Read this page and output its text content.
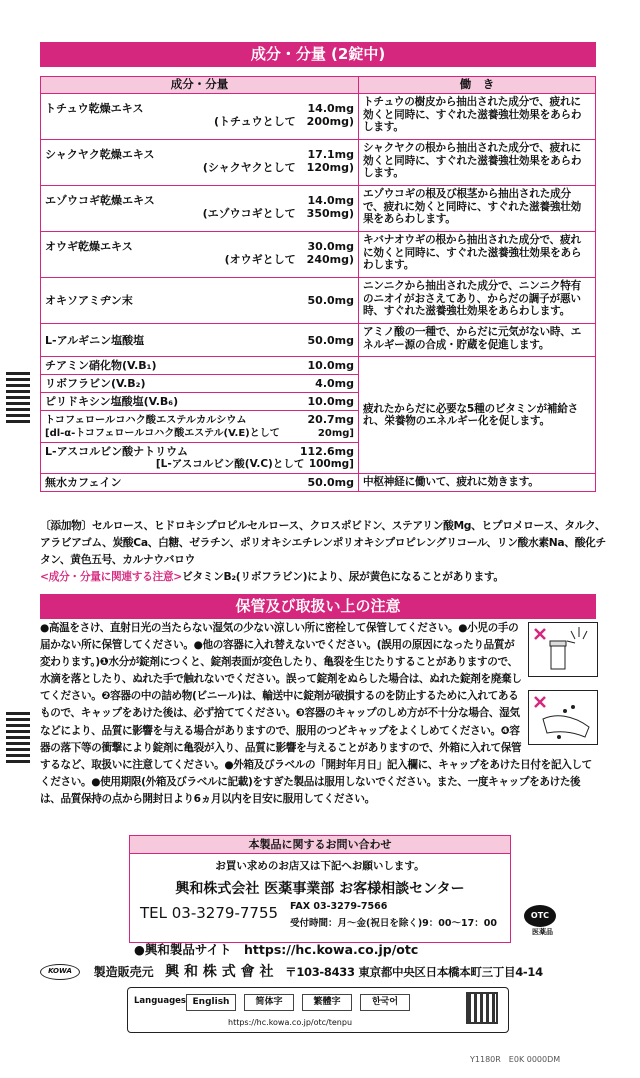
成分・分量 (2錠中)
成分・分量	働　き
トチュウ乾燥エキス 14.0mg
(トチュウとして　200mg)	トチュウの樹皮から抽出された成分で、疲れに効くと同時に、すぐれた滋養強壮効果をあらわします。
シャクヤク乾燥エキス 17.1mg
(シャクヤクとして　120mg)	シャクヤクの根から抽出された成分で、疲れに効くと同時に、すぐれた滋養強壮効果をあらわします。
エゾウコギ乾燥エキス 14.0mg
(エゾウコギとして　350mg)	エゾウコギの根及び根茎から抽出された成分で、疲れに効くと同時に、すぐれた滋養強壮効果をあらわします。
オウギ乾燥エキス 30.0mg
(オウギとして　240mg)	キバナオウギの根から抽出された成分で、疲れに効くと同時に、すぐれた滋養強壮効果をあらわします。
オキソアミヂン末 50.0mg	ニンニクから抽出された成分で、ニンニク特有のニオイがおさえてあり、からだの調子が悪い時、すぐれた滋養強壮効果をあらわします。
L-アルギニン塩酸塩 50.0mg	アミノ酸の一種で、からだに元気がない時、エネルギー源の合成・貯蔵を促進します。
チアミン硝化物(V.B₁) 10.0mg	疲れたからだに必要な5種のビタミンが補給され、栄養物のエネルギー化を促します。
リボフラビン(V.B₂) 4.0mg	

ピリドキシン塩酸塩(V.B₆) 10.0mg	

トコフェロールコハク酸エステルカルシウム 20.7mg
[dl-α-トコフェロールコハク酸エステル(V.E)として 20mg]	

L-アスコルビン酸ナトリウム 112.6mg
[L-アスコルビン酸(V.C)として 100mg]	

無水カフェイン 50.0mg	中枢神経に働いて、疲れに効きます。
〔添加物〕セルロース、ヒドロキシプロピルセルロース、クロスポビドン、ステアリン酸Mg、ヒプロメロース、タルク、アラビアゴム、炭酸Ca、白糖、ゼラチン、ポリオキシエチレンポリオキシプロピレングリコール、リン酸水素Na、酸化チタン、黄色五号、カルナウバロウ
<成分・分量に関連する注意>ビタミンB₂(リボフラビン)により、尿が黄色になることがあります。
保管及び取扱い上の注意
●高温をさけ、直射日光の当たらない湿気の少ない涼しい所に密栓して保管してください。●小児の手の届かない所に保管してください。●他の容器に入れ替えないでください。(誤用の原因になったり品質が変わります。)❶水分が錠剤につくと、錠剤表面が変色したり、亀裂を生じたりすることがありますので、水滴を落としたり、ぬれた手で触れないでください。誤って錠剤をぬらした場合は、ぬれた錠剤を廃棄してください。❷容器の中の詰め物(ビニール)は、輸送中に錠剤が破損するのを防止するために入れてあるもので、キャップをあけた後は、必ず捨ててください。❸容器のキャップのしめ方が不十分な場合、湿気などにより、品質に影響を与える場合がありますので、服用のつどキャップをよくしめてください。❹容器の落下等の衝撃により錠剤に亀裂が入り、品質に影響を与えることがありますので、外箱に入れて保管するなど、取扱いに注意してください。●外箱及びラベルの「開封年月日」記入欄に、キャップをあけた日付を記入してください。●使用期限(外箱及びラベルに記載)をすぎた製品は服用しないでください。また、一度キャップをあけた後は、品質保持の点から開封日より6ヵ月以内を目安に服用してください。
本製品に関するお問い合わせ
お買い求めのお店又は下記へお願いします。
興和株式会社 医薬事業部 お客様相談センター
TEL 03-3279-7755 FAX 03-3279-7566
受付時間：月～金(祝日を除く)9：00～17：00
OTC
医薬品
●興和製品サイト　https://hc.kowa.co.jp/otc
KOWA 製造販売元 興 和 株 式 會 社 〒103-8433 東京都中央区日本橋本町三丁目4-14
Languages English	简体字	繁體字	한국어
https://hc.kowa.co.jp/otc/tenpu
Y1180R　E0K 0000DM
